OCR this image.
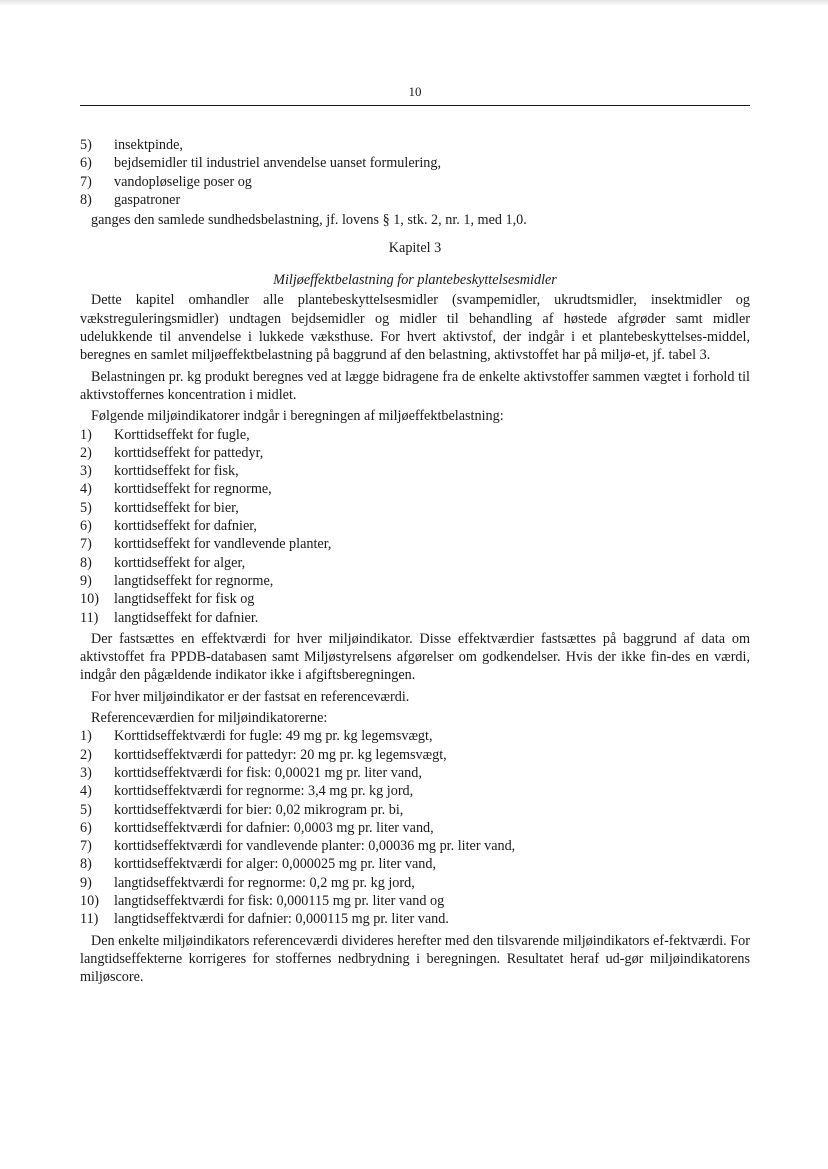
10
5) insektpinde,
6) bejdsemidler til industriel anvendelse uanset formulering,
7) vandopløselige poser og
8) gaspatroner

ganges den samlede sundhedsbelastning, jf. lovens § 1, stk. 2, nr. 1, med 1,0.

Kapitel 3
Miljøeffektbelastning for plantebeskyttelsesmidler

Dette kapitel omhandler alle plantebeskyttelsesmidler (svampemidler, ukrudtsmidler, insektmidler og vækstreguleringsmidler) undtagen bejdsemidler og midler til behandling af høstede afgrøder samt midler udelukkende til anvendelse i lukkede væksthuse. For hvert aktivstof, der indgår i et plantebeskyttelses-middel, beregnes en samlet miljøeffektbelastning på baggrund af den belastning, aktivstoffet har på miljø-et, jf. tabel 3.

Belastningen pr. kg produkt beregnes ved at lægge bidragene fra de enkelte aktivstoffer sammen vægtet i forhold til aktivstoffernes koncentration i midlet.

Følgende miljøindikatorer indgår i beregningen af miljøeffektbelastning:

1) Korttidseffekt for fugle,
2) korttidseffekt for pattedyr,
3) korttidseffekt for fisk,
4) korttidseffekt for regnorme,
5) korttidseffekt for bier,
6) korttidseffekt for dafnier,
7) korttidseffekt for vandlevende planter,
8) korttidseffekt for alger,
9) langtidseffekt for regnorme,
10) langtidseffekt for fisk og
11) langtidseffekt for dafnier.

Der fastsættes en effektværdi for hver miljøindikator. Disse effektværdier fastsættes på baggrund af data om aktivstoffet fra PPDB-databasen samt Miljøstyrelsens afgørelser om godkendelser. Hvis der ikke fin-des en værdi, indgår den pågældende indikator ikke i afgiftsberegningen.

For hver miljøindikator er der fastsat en referenceværdi.

Referenceværdien for miljøindikatorerne:

1) Korttidseffektværdi for fugle: 49 mg pr. kg legemsvægt,
2) korttidseffektværdi for pattedyr: 20 mg pr. kg legemsvægt,
3) korttidseffektværdi for fisk: 0,00021 mg pr. liter vand,
4) korttidseffektværdi for regnorme: 3,4 mg pr. kg jord,
5) korttidseffektværdi for bier: 0,02 mikrogram pr. bi,
6) korttidseffektværdi for dafnier: 0,0003 mg pr. liter vand,
7) korttidseffektværdi for vandlevende planter: 0,00036 mg pr. liter vand,
8) korttidseffektværdi for alger: 0,000025 mg pr. liter vand,
9) langtidseffektværdi for regnorme: 0,2 mg pr. kg jord,
10) langtidseffektværdi for fisk: 0,000115 mg pr. liter vand og
11) langtidseffektværdi for dafnier: 0,000115 mg pr. liter vand.

Den enkelte miljøindikators referenceværdi divideres herefter med den tilsvarende miljøindikators ef-fektværdi. For langtidseffekterne korrigeres for stoffernes nedbrydning i beregningen. Resultatet heraf ud-gør miljøindikatorens miljøscore.
